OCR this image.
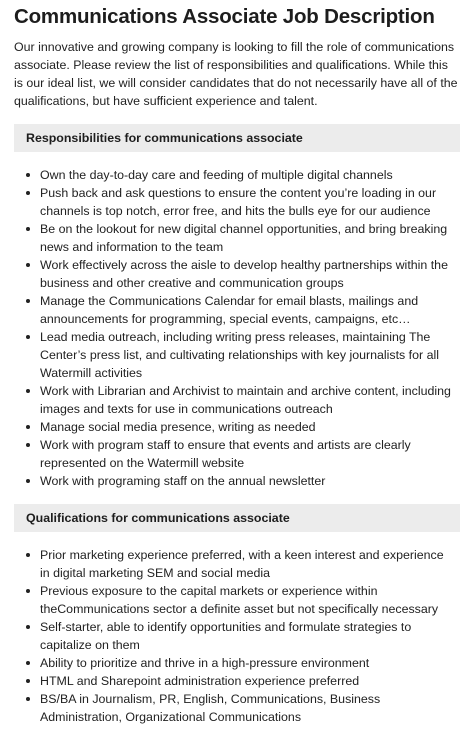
Communications Associate Job Description

Our innovative and growing company is looking to fill the role of communications associate. Please review the list of responsibilities and qualifications. While this is our ideal list, we will consider candidates that do not necessarily have all of the qualifications, but have sufficient experience and talent.

Responsibilities for communications associate
Own the day-to-day care and feeding of multiple digital channels
Push back and ask questions to ensure the content you’re loading in our channels is top notch, error free, and hits the bulls eye for our audience
Be on the lookout for new digital channel opportunities, and bring breaking news and information to the team
Work effectively across the aisle to develop healthy partnerships within the business and other creative and communication groups
Manage the Communications Calendar for email blasts, mailings and announcements for programming, special events, campaigns, etc…
Lead media outreach, including writing press releases, maintaining The Center’s press list, and cultivating relationships with key journalists for all Watermill activities
Work with Librarian and Archivist to maintain and archive content, including images and texts for use in communications outreach
Manage social media presence, writing as needed
Work with program staff to ensure that events and artists are clearly represented on the Watermill website
Work with programing staff on the annual newsletter
Qualifications for communications associate
Prior marketing experience preferred, with a keen interest and experience in digital marketing SEM and social media
Previous exposure to the capital markets or experience within theCommunications sector a definite asset but not specifically necessary
Self-starter, able to identify opportunities and formulate strategies to capitalize on them
Ability to prioritize and thrive in a high-pressure environment
HTML and Sharepoint administration experience preferred
BS/BA in Journalism, PR, English, Communications, Business Administration, Organizational Communications
